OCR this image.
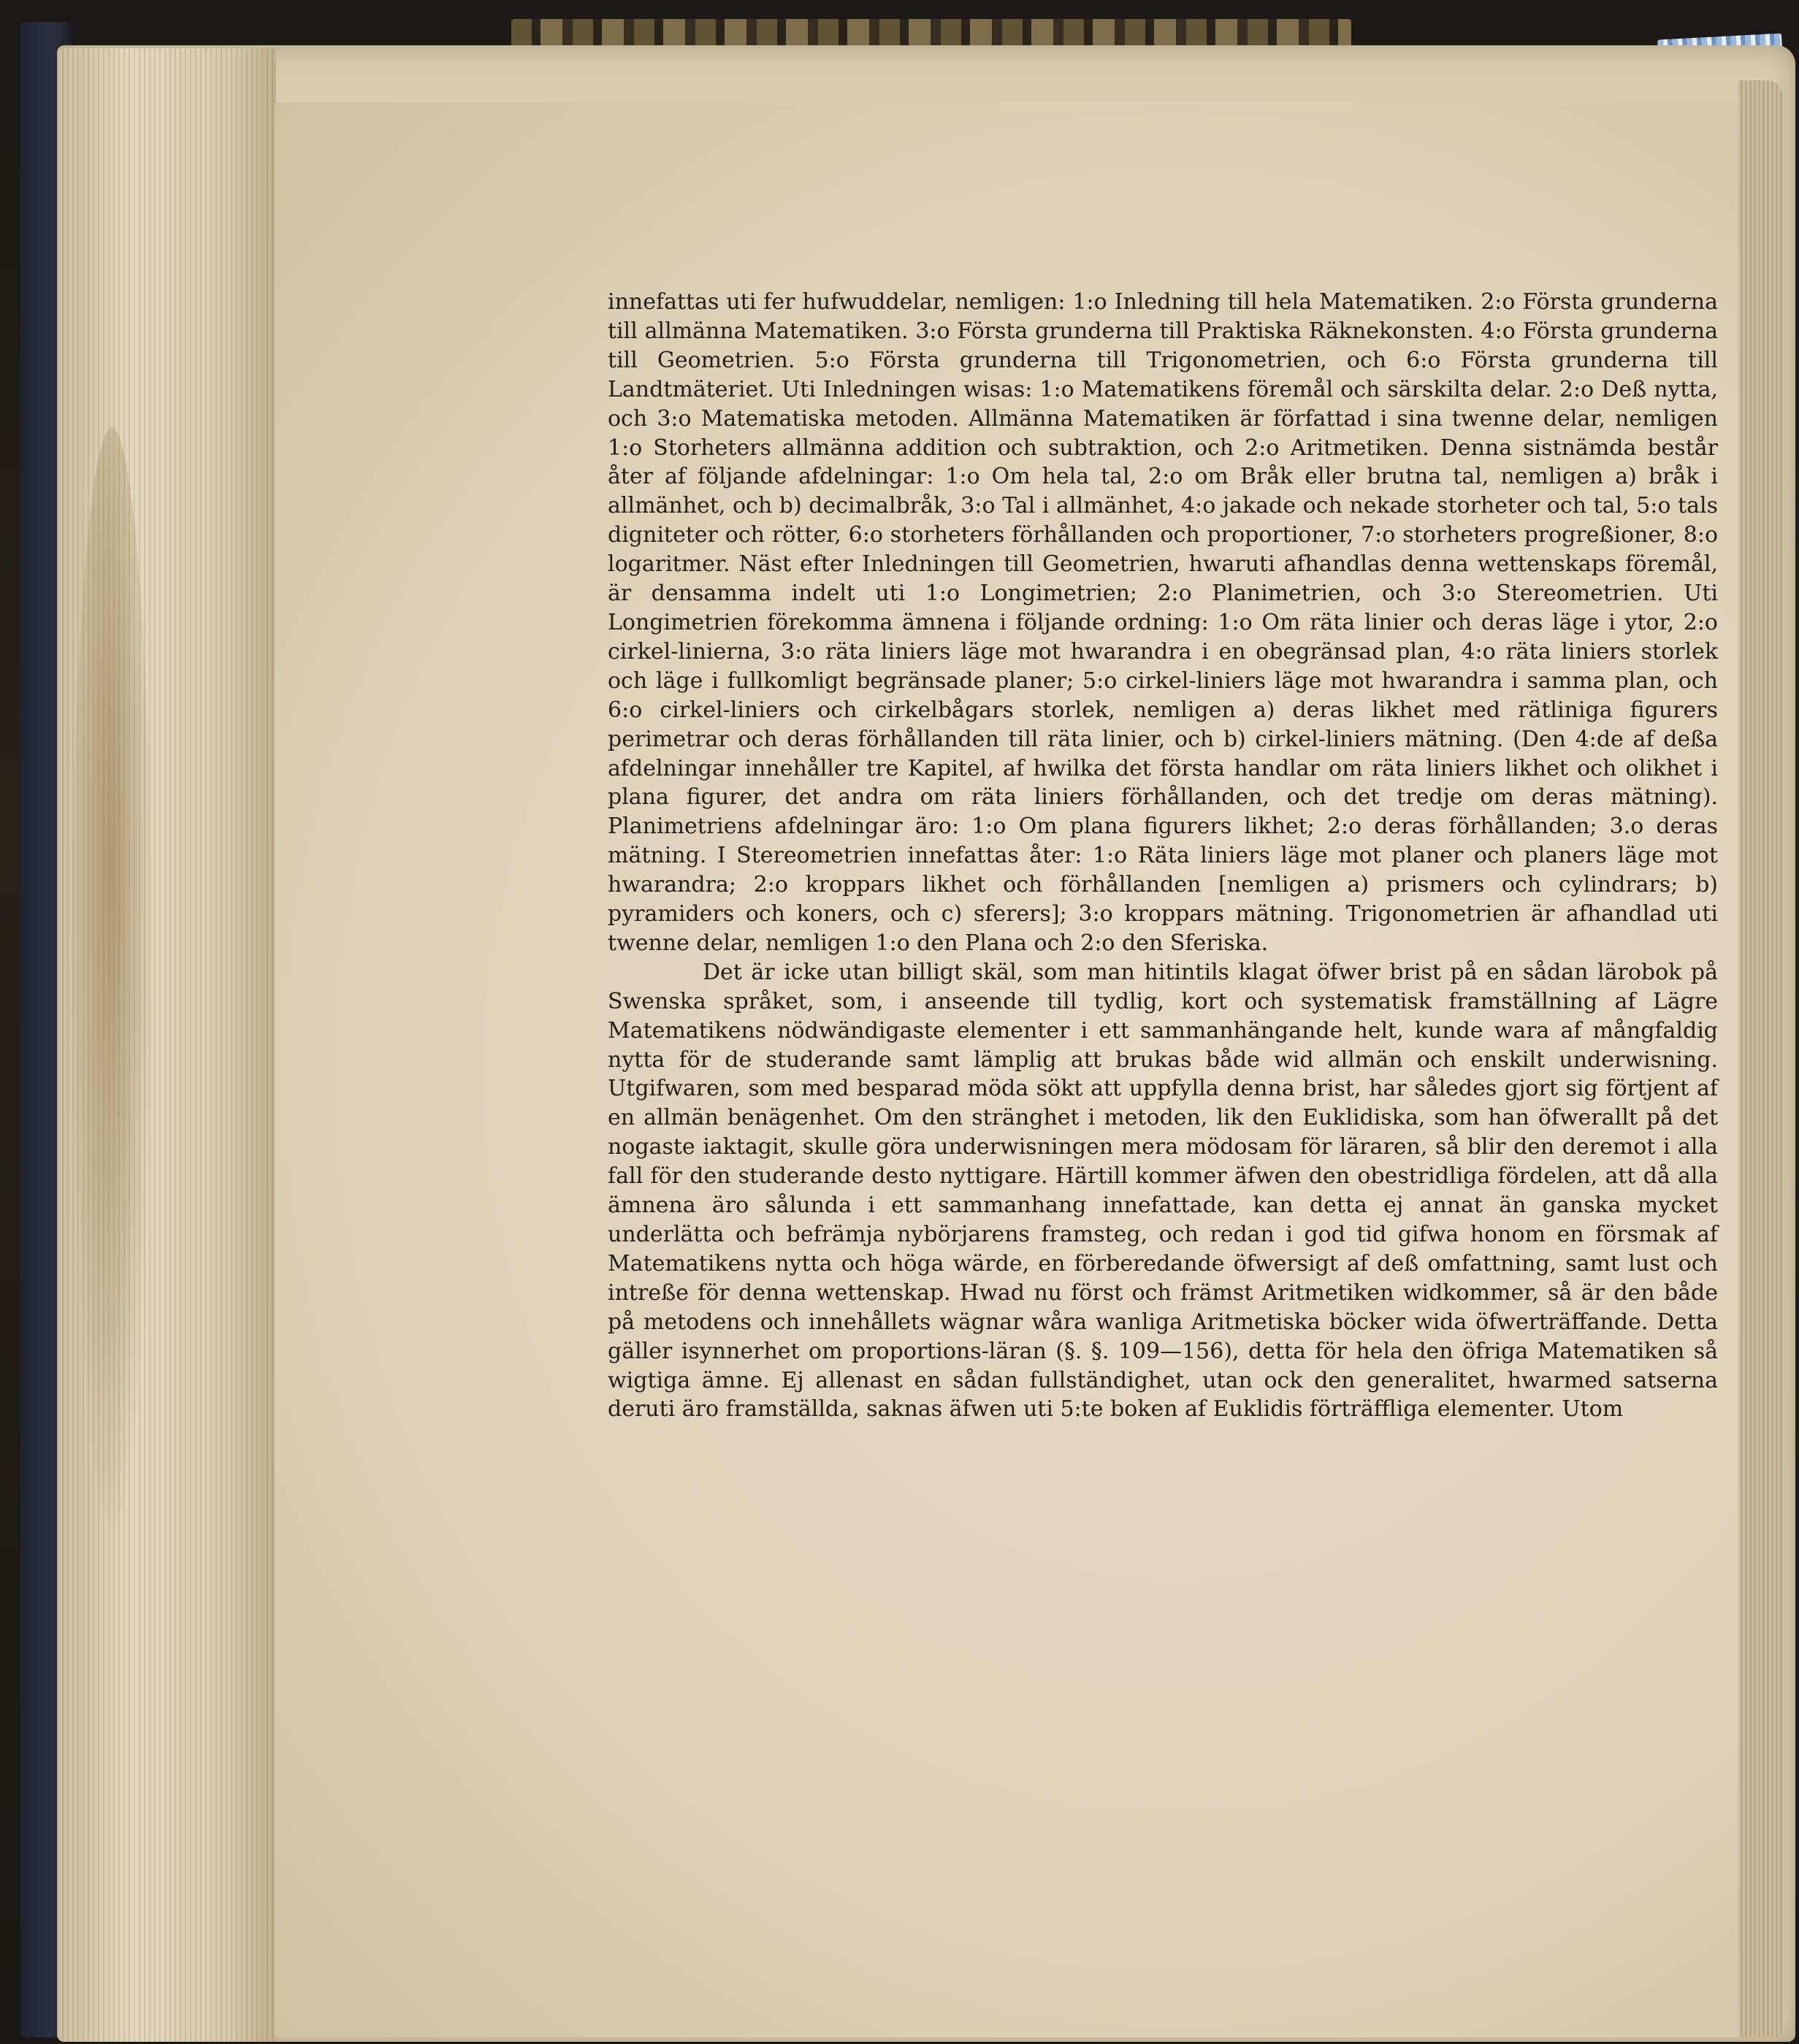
innefattas uti fer hufwuddelar, nemligen: 1:o Inledning till hela Matematiken. 2:o Första grunderna till allmänna Matematiken. 3:o Första grunderna till Praktiska Räknekonsten. 4:o Första grunderna till Geometrien. 5:o Första grunderna till Trigonometrien, och 6:o Första grunderna till Landtmäteriet. Uti Inledningen wisas: 1:o Matematikens föremål och särskilta delar. 2:o Deß nytta, och 3:o Matematiska metoden. Allmänna Matematiken är författad i sina twenne delar, nemligen 1:o Storheters allmänna addition och subtraktion, och 2:o Aritmetiken. Denna sistnämda består åter af följande afdelningar: 1:o Om hela tal, 2:o om Bråk eller brutna tal, nemligen a) bråk i allmänhet, och b) decimalbråk, 3:o Tal i allmänhet, 4:o jakade och nekade storheter och tal, 5:o tals digniteter och rötter, 6:o storheters förhållanden och proportioner, 7:o storheters progreßioner, 8:o logaritmer. Näst efter Inledningen till Geometrien, hwaruti afhandlas denna wettenskaps föremål, är densamma indelt uti 1:o Longimetrien; 2:o Planimetrien, och 3:o Stereometrien. Uti Longimetrien förekomma ämnena i följande ordning: 1:o Om räta linier och deras läge i ytor, 2:o cirkel-linierna, 3:o räta liniers läge mot hwarandra i en obegränsad plan, 4:o räta liniers storlek och läge i fullkomligt begränsade planer; 5:o cirkel-liniers läge mot hwarandra i samma plan, och 6:o cirkel-liniers och cirkelbågars storlek, nemligen a) deras likhet med rätliniga figurers perimetrar och deras förhållanden till räta linier, och b) cirkel-liniers mätning. (Den 4:de af deßa afdelningar innehåller tre Kapitel, af hwilka det första handlar om räta liniers likhet och olikhet i plana figurer, det andra om räta liniers förhållanden, och det tredje om deras mätning). Planimetriens afdelningar äro: 1:o Om plana figurers likhet; 2:o deras förhållanden; 3.o deras mätning. I Stereometrien innefattas åter: 1:o Räta liniers läge mot planer och planers läge mot hwarandra; 2:o kroppars likhet och förhållanden [nemligen a) prismers och cylindrars; b) pyramiders och koners, och c) sferers]; 3:o kroppars mätning. Trigonometrien är afhandlad uti twenne delar, nemligen 1:o den Plana och 2:o den Sferiska.

Det är icke utan billigt skäl, som man hitintils klagat öfwer brist på en sådan lärobok på Swenska språket, som, i anseende till tydlig, kort och systematisk framställning af Lägre Matematikens nödwändigaste elementer i ett sammanhängande helt, kunde wara af mångfaldig nytta för de studerande samt lämplig att brukas både wid allmän och enskilt underwisning. Utgifwaren, som med besparad möda sökt att uppfylla denna brist, har således gjort sig förtjent af en allmän benägenhet. Om den stränghet i metoden, lik den Euklidiska, som han öfwerallt på det nogaste iaktagit, skulle göra underwisningen mera mödosam för läraren, så blir den deremot i alla fall för den studerande desto nyttigare. Härtill kommer äfwen den obestridliga fördelen, att då alla ämnena äro sålunda i ett sammanhang innefattade, kan detta ej annat än ganska mycket underlätta och befrämja nybörjarens framsteg, och redan i god tid gifwa honom en försmak af Matematikens nytta och höga wärde, en förberedande öfwersigt af deß omfattning, samt lust och intreße för denna wettenskap. Hwad nu först och främst Aritmetiken widkommer, så är den både på metodens och innehållets wägnar wåra wanliga Aritmetiska böcker wida öfwerträffande. Detta gäller isynnerhet om proportions-läran (§. §. 109—156), detta för hela den öfriga Matematiken så wigtiga ämne. Ej allenast en sådan fullständighet, utan ock den generalitet, hwarmed satserna deruti äro framställda, saknas äfwen uti 5:te boken af Euklidis förträffliga elementer. Utom
